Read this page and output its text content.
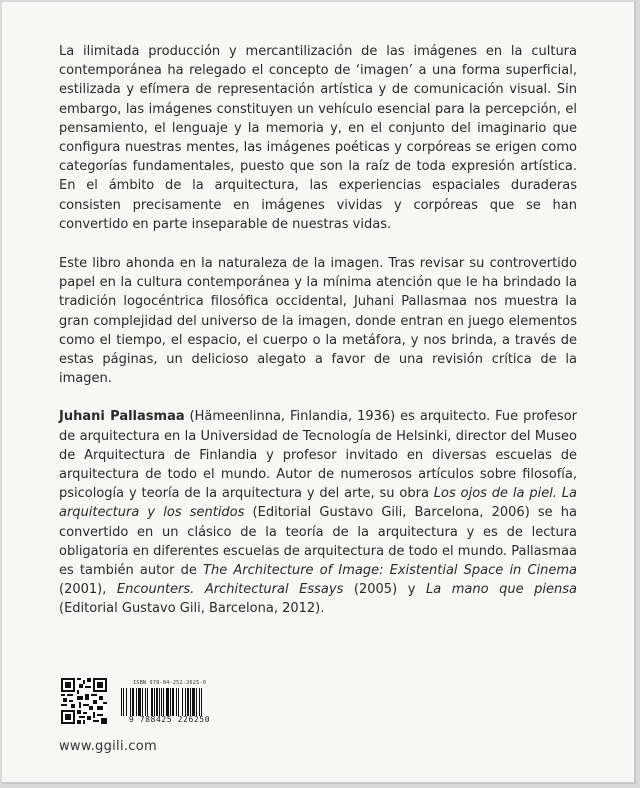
La ilimitada producción y mercantilización de las imágenes en la cultura contemporánea ha relegado el concepto de ‘imagen’ a una forma superficial, estilizada y efímera de representación artística y de comunicación visual. Sin embargo, las imágenes constituyen un vehículo esencial para la percepción, el pensamiento, el lenguaje y la memoria y, en el conjunto del imaginario que configura nuestras mentes, las imágenes poéticas y corpóreas se erigen como categorías fundamentales, puesto que son la raíz de toda expresión artística. En el ámbito de la arquitectura, las experiencias espaciales duraderas consisten precisamente en imágenes vividas y corpóreas que se han convertido en parte inseparable de nuestras vidas.

Este libro ahonda en la naturaleza de la imagen. Tras revisar su controvertido papel en la cultura contemporánea y la mínima atención que le ha brindado la tradición logocéntrica filosófica occidental, Juhani Pallasmaa nos muestra la gran complejidad del universo de la imagen, donde entran en juego elementos como el tiempo, el espacio, el cuerpo o la metáfora, y nos brinda, a través de estas páginas, un delicioso alegato a favor de una revisión crítica de la imagen.

Juhani Pallasmaa (Hämeenlinna, Finlandia, 1936) es arquitecto. Fue profesor de arquitectura en la Universidad de Tecnología de Helsinki, director del Museo de Arquitectura de Finlandia y profesor invitado en diversas escuelas de arquitectura de todo el mundo. Autor de numerosos artículos sobre filosofía, psicología y teoría de la arquitectura y del arte, su obra Los ojos de la piel. La arquitectura y los sentidos (Editorial Gustavo Gili, Barcelona, 2006) se ha convertido en un clásico de la teoría de la arquitectura y es de lectura obligatoria en diferentes escuelas de arquitectura de todo el mundo. Pallasmaa es también autor de The Architecture of Image: Existential Space in Cinema (2001), Encounters. Architectural Essays (2005) y La mano que piensa (Editorial Gustavo Gili, Barcelona, 2012).

ISBN 978-84-252-2625-0
9 788425 226250
www.ggili.com
